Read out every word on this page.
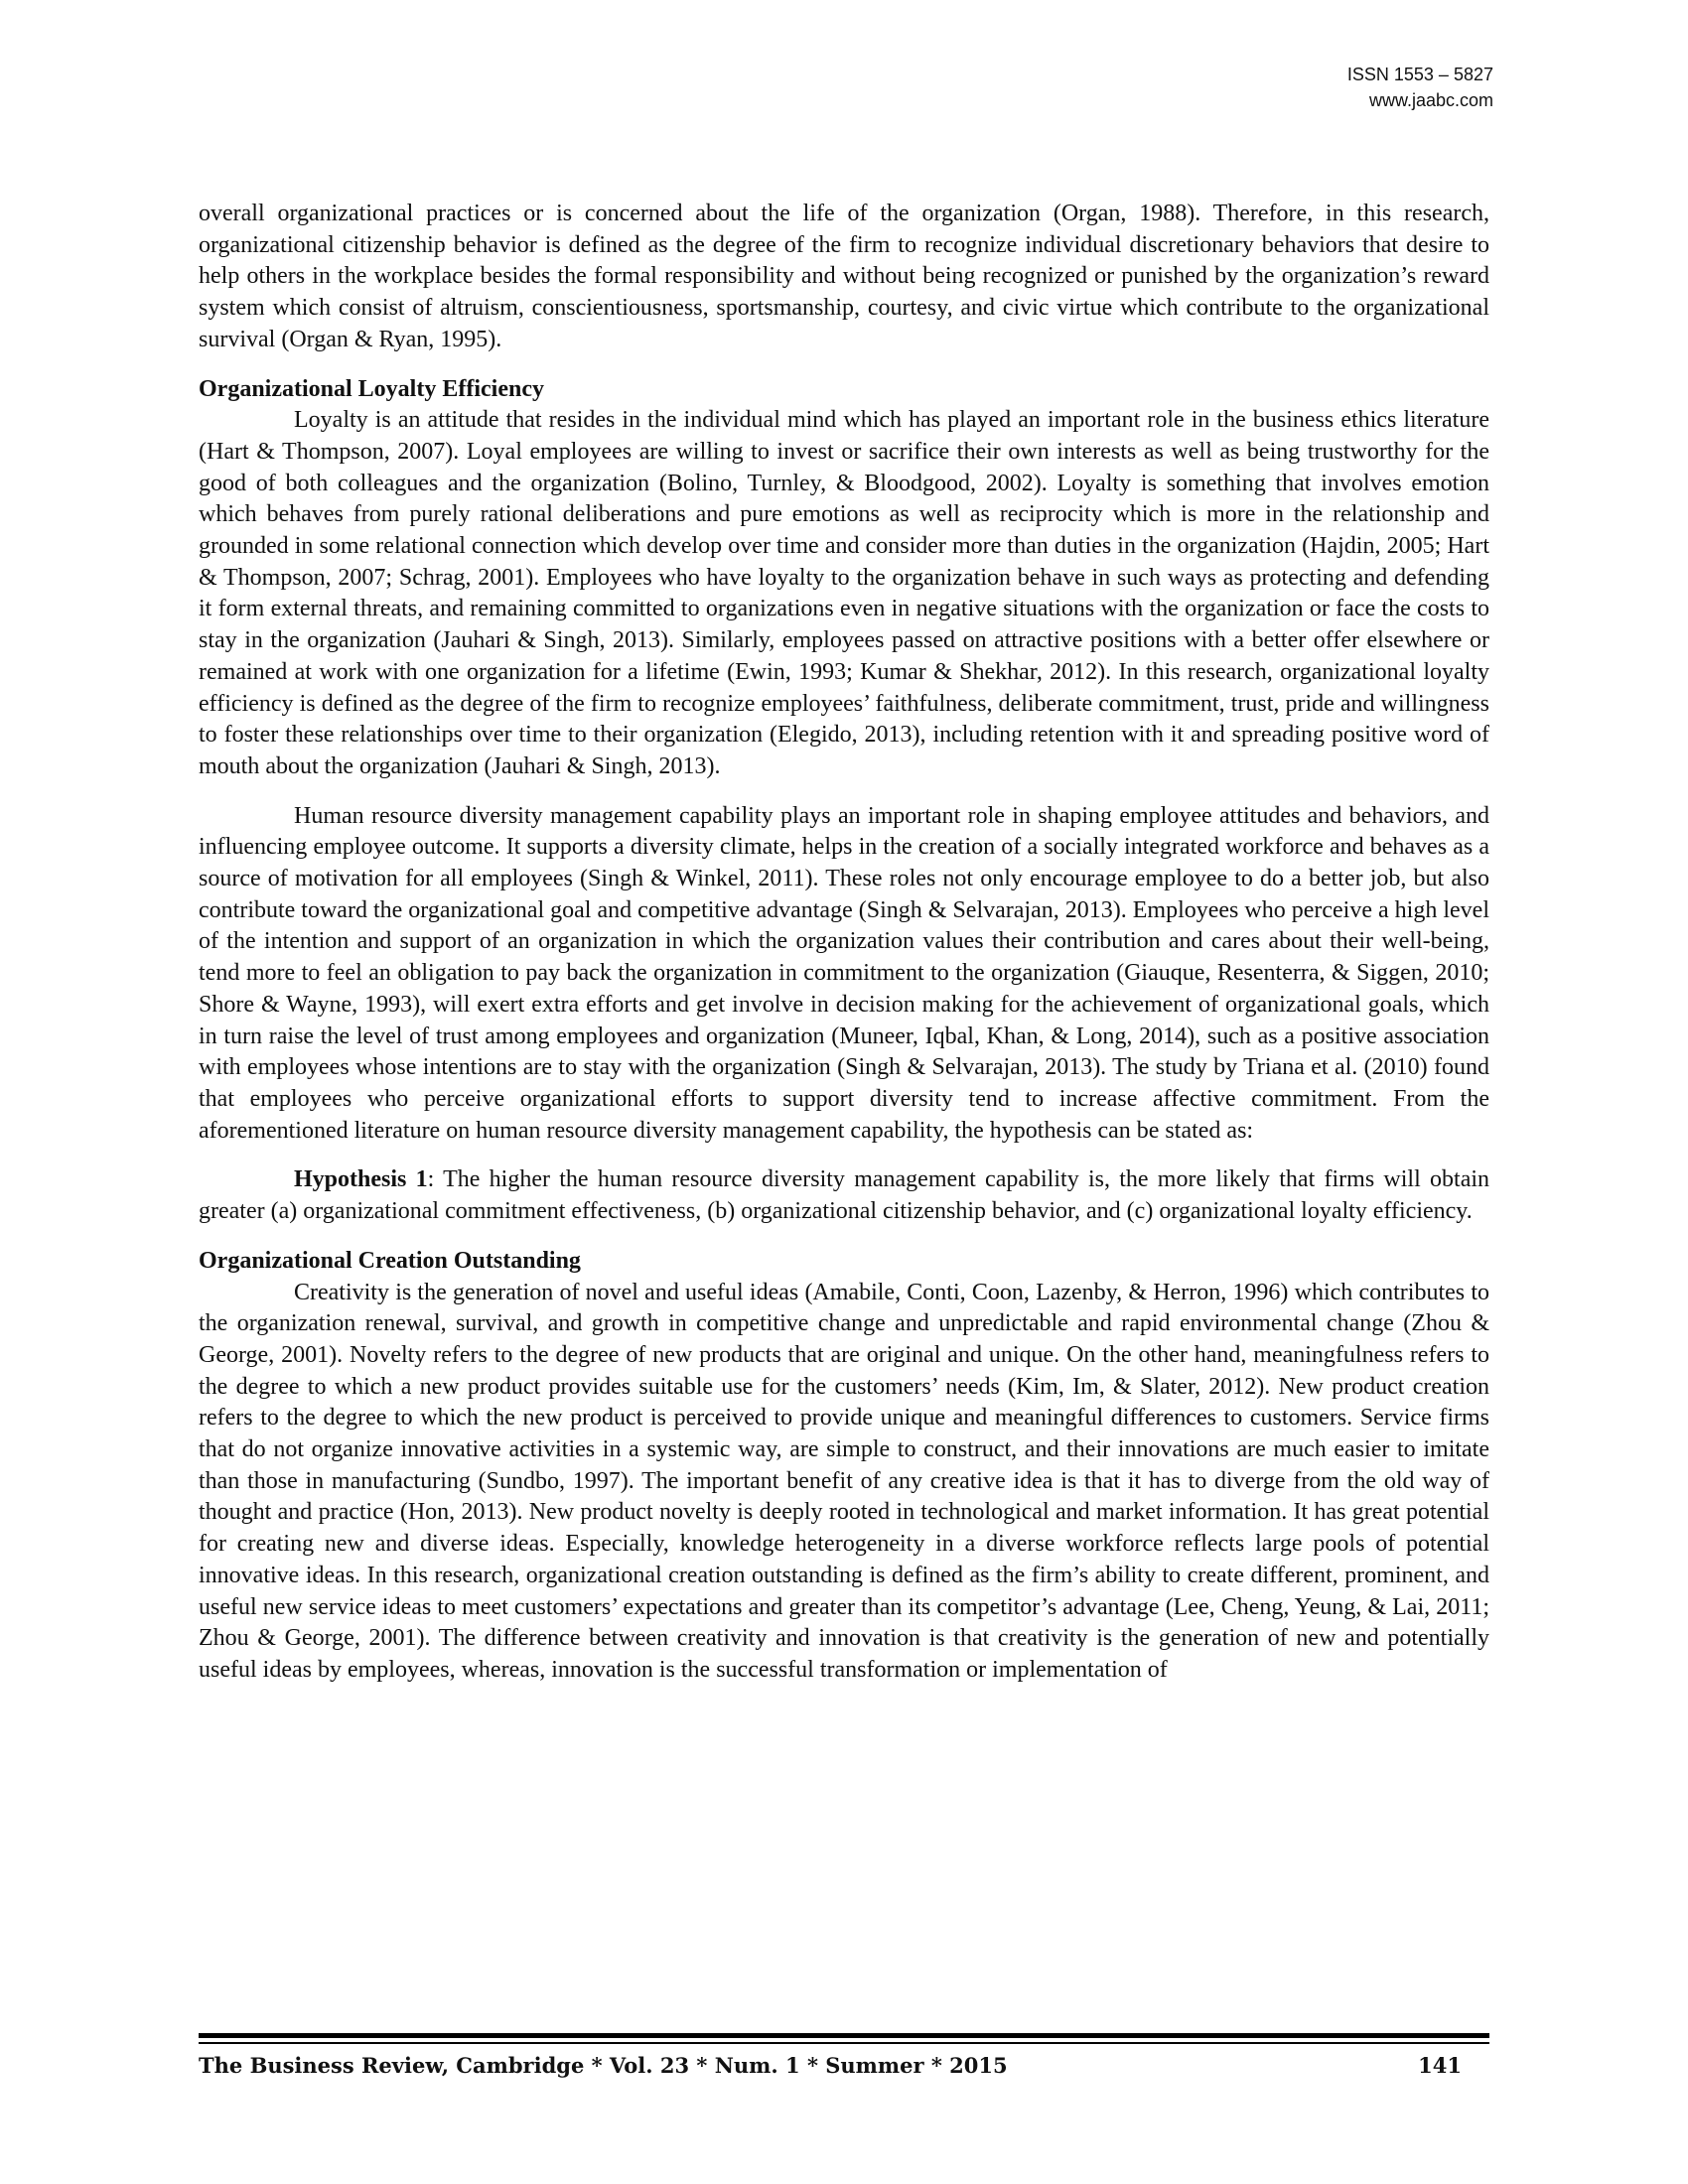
ISSN 1553 – 5827
www.jaabc.com

overall organizational practices or is concerned about the life of the organization (Organ, 1988). Therefore, in this research, organizational citizenship behavior is defined as the degree of the firm to recognize individual discretionary behaviors that desire to help others in the workplace besides the formal responsibility and without being recognized or punished by the organization’s reward system which consist of altruism, conscientiousness, sportsmanship, courtesy, and civic virtue which contribute to the organizational survival (Organ & Ryan, 1995).

Organizational Loyalty Efficiency

Loyalty is an attitude that resides in the individual mind which has played an important role in the business ethics literature (Hart & Thompson, 2007). Loyal employees are willing to invest or sacrifice their own interests as well as being trustworthy for the good of both colleagues and the organization (Bolino, Turnley, & Bloodgood, 2002). Loyalty is something that involves emotion which behaves from purely rational deliberations and pure emotions as well as reciprocity which is more in the relationship and grounded in some relational connection which develop over time and consider more than duties in the organization (Hajdin, 2005; Hart & Thompson, 2007; Schrag, 2001). Employees who have loyalty to the organization behave in such ways as protecting and defending it form external threats, and remaining committed to organizations even in negative situations with the organization or face the costs to stay in the organization (Jauhari & Singh, 2013). Similarly, employees passed on attractive positions with a better offer elsewhere or remained at work with one organization for a lifetime (Ewin, 1993; Kumar & Shekhar, 2012). In this research, organizational loyalty efficiency is defined as the degree of the firm to recognize employees’ faithfulness, deliberate commitment, trust, pride and willingness to foster these relationships over time to their organization (Elegido, 2013), including retention with it and spreading positive word of mouth about the organization (Jauhari & Singh, 2013).

Human resource diversity management capability plays an important role in shaping employee attitudes and behaviors, and influencing employee outcome. It supports a diversity climate, helps in the creation of a socially integrated workforce and behaves as a source of motivation for all employees (Singh & Winkel, 2011). These roles not only encourage employee to do a better job, but also contribute toward the organizational goal and competitive advantage (Singh & Selvarajan, 2013). Employees who perceive a high level of the intention and support of an organization in which the organization values their contribution and cares about their well-being, tend more to feel an obligation to pay back the organization in commitment to the organization (Giauque, Resenterra, & Siggen, 2010; Shore & Wayne, 1993), will exert extra efforts and get involve in decision making for the achievement of organizational goals, which in turn raise the level of trust among employees and organization (Muneer, Iqbal, Khan, & Long, 2014), such as a positive association with employees whose intentions are to stay with the organization (Singh & Selvarajan, 2013). The study by Triana et al. (2010) found that employees who perceive organizational efforts to support diversity tend to increase affective commitment. From the aforementioned literature on human resource diversity management capability, the hypothesis can be stated as:

Hypothesis 1: The higher the human resource diversity management capability is, the more likely that firms will obtain greater (a) organizational commitment effectiveness, (b) organizational citizenship behavior, and (c) organizational loyalty efficiency.

Organizational Creation Outstanding

Creativity is the generation of novel and useful ideas (Amabile, Conti, Coon, Lazenby, & Herron, 1996) which contributes to the organization renewal, survival, and growth in competitive change and unpredictable and rapid environmental change (Zhou & George, 2001). Novelty refers to the degree of new products that are original and unique. On the other hand, meaningfulness refers to the degree to which a new product provides suitable use for the customers’ needs (Kim, Im, & Slater, 2012). New product creation refers to the degree to which the new product is perceived to provide unique and meaningful differences to customers. Service firms that do not organize innovative activities in a systemic way, are simple to construct, and their innovations are much easier to imitate than those in manufacturing (Sundbo, 1997). The important benefit of any creative idea is that it has to diverge from the old way of thought and practice (Hon, 2013). New product novelty is deeply rooted in technological and market information. It has great potential for creating new and diverse ideas. Especially, knowledge heterogeneity in a diverse workforce reflects large pools of potential innovative ideas. In this research, organizational creation outstanding is defined as the firm’s ability to create different, prominent, and useful new service ideas to meet customers’ expectations and greater than its competitor’s advantage (Lee, Cheng, Yeung, & Lai, 2011; Zhou & George, 2001). The difference between creativity and innovation is that creativity is the generation of new and potentially useful ideas by employees, whereas, innovation is the successful transformation or implementation of

The Business Review, Cambridge * Vol. 23 * Num. 1 * Summer * 2015	141
